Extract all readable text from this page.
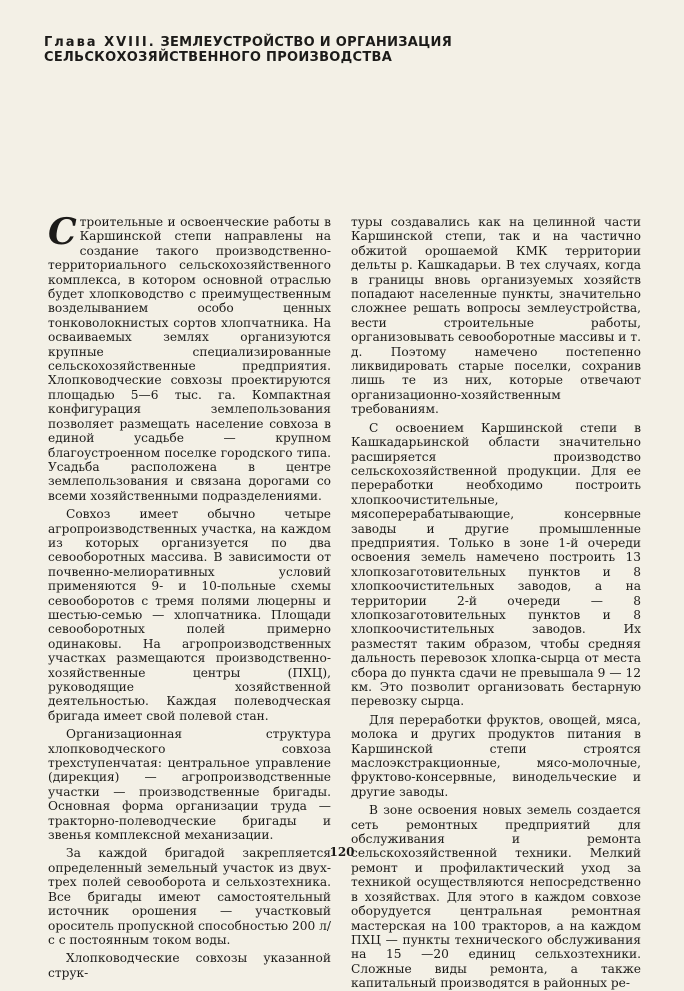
Глава XVIII. ЗЕМЛЕУСТРОЙСТВО И ОРГАНИЗАЦИЯ
СЕЛЬСКОХОЗЯЙСТВЕННОГО ПРОИЗВОДСТВА

Строительные и освоенческие работы в Каршинской степи направлены на создание такого производственно-территориального сельскохозяйственного комплекса, в котором основной отраслью будет хлопководство с преимущественным возделыванием особо ценных тонковолокнистых сортов хлопчатника. На осваиваемых землях организуются крупные специализированные сельскохозяйственные предприятия. Хлопководческие совхозы проектируются площадью 5—6 тыс. га. Компактная конфигурация землепользования позволяет размещать население совхоза в единой усадьбе — крупном благоустроенном поселке городского типа. Усадьба расположена в центре землепользования и связана дорогами со всеми хозяйственными подразделениями.

Совхоз имеет обычно четыре агропроизводственных участка, на каждом из которых организуется по два севооборотных массива. В зависимости от почвенно-мелиоративных условий применяются 9- и 10-польные схемы севооборотов с тремя полями люцерны и шестью-семью — хлопчатника. Площади севооборотных полей примерно одинаковы. На агропроизводственных участках размещаются производственно-хозяйственные центры (ПХЦ), руководящие хозяйственной деятельностью. Каждая полеводческая бригада имеет свой полевой стан.

Организационная структура хлопководческого совхоза трехступенчатая: центральное управление (дирекция) — агропроизводственные участки — производственные бригады. Основная форма организации труда — тракторно-полеводческие бригады и звенья комплексной механизации.

За каждой бригадой закрепляется определенный земельный участок из двух-трех полей севооборота и сельхозтехника. Все бригады имеют самостоятельный источник орошения — участковый ороситель пропускной способностью 200 л/с с постоянным током воды.

Хлопководческие совхозы указанной струк-

туры создавались как на целинной части Каршинской степи, так и на частично обжитой орошаемой КМК территории дельты р. Кашкадарьи. В тех случаях, когда в границы вновь организуемых хозяйств попадают населенные пункты, значительно сложнее решать вопросы землеустройства, вести строительные работы, организовывать севооборотные массивы и т. д. Поэтому намечено постепенно ликвидировать старые поселки, сохранив лишь те из них, которые отвечают организационно-хозяйственным требованиям.

С освоением Каршинской степи в Кашкадарьинской области значительно расширяется производство сельскохозяйственной продукции. Для ее переработки необходимо построить хлопкоочистительные, мясоперерабатывающие, консервные заводы и другие промышленные предприятия. Только в зоне 1-й очереди освоения земель намечено построить 13 хлопкозаготовительных пунктов и 8 хлопкоочистительных заводов, а на территории 2-й очереди — 8 хлопкозаготовительных пунктов и 8 хлопкоочистительных заводов. Их разместят таким образом, чтобы средняя дальность перевозок хлопка-сырца от места сбора до пункта сдачи не превышала 9 — 12 км. Это позволит организовать бестарную перевозку сырца.

Для переработки фруктов, овощей, мяса, молока и других продуктов питания в Каршинской степи строятся маслоэкстракционные, мясо-молочные, фруктово-консервные, винодельческие и другие заводы.

В зоне освоения новых земель создается сеть ремонтных предприятий для обслуживания и ремонта сельскохозяйственной техники. Мелкий ремонт и профилактический уход за техникой осуществляются непосредственно в хозяйствах. Для этого в каждом совхозе оборудуется центральная ремонтная мастерская на 100 тракторов, а на каждом ПХЦ — пункты технического обслуживания на 15 —20 единиц сельхозтехники. Сложные виды ремонта, а также капитальный производятся в районных ре-

120
